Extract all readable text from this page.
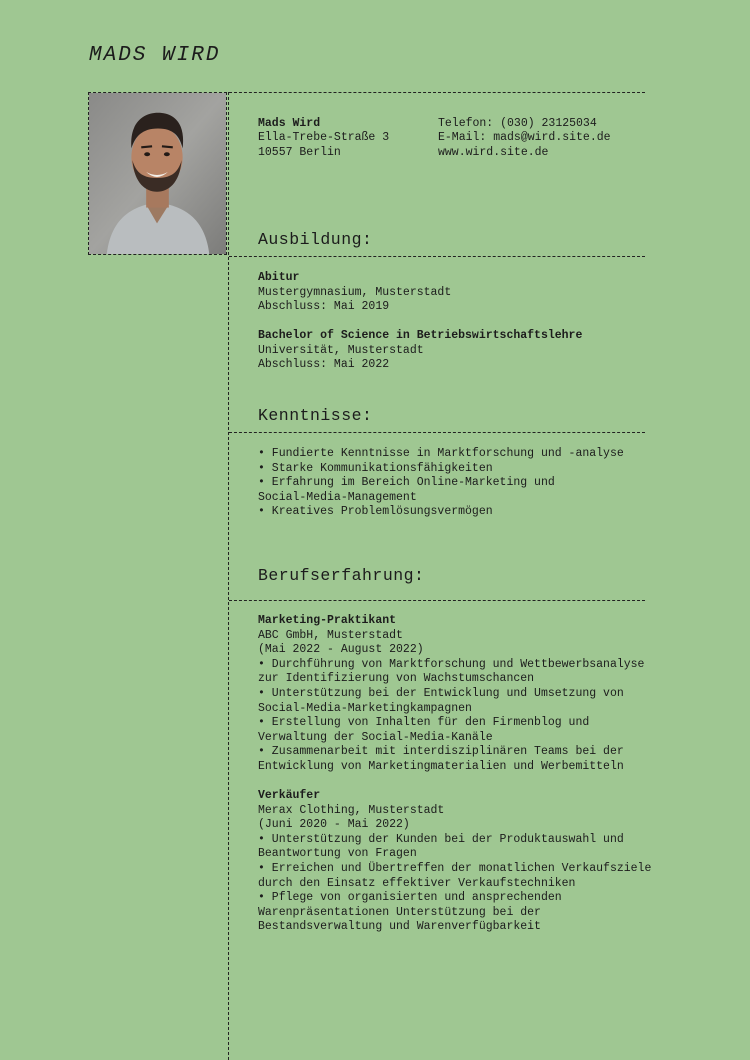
MADS WIRD
Mads Wird
Ella-Trebe-Straße 3
10557 Berlin
Telefon: (030) 23125034
E-Mail: mads@wird.site.de
www.wird.site.de
Ausbildung:
Abitur
Mustergymnasium, Musterstadt
Abschluss: Mai 2019
Bachelor of Science in Betriebswirtschaftslehre
Universität, Musterstadt
Abschluss: Mai 2022
Kenntnisse:
• Fundierte Kenntnisse in Marktforschung und -analyse
• Starke Kommunikationsfähigkeiten
• Erfahrung im Bereich Online-Marketing und
Social-Media-Management
• Kreatives Problemlösungsvermögen
Berufserfahrung:
Marketing-Praktikant
ABC GmbH, Musterstadt
(Mai 2022 - August 2022)
• Durchführung von Marktforschung und Wettbewerbsanalyse
zur Identifizierung von Wachstumschancen
• Unterstützung bei der Entwicklung und Umsetzung von
Social-Media-Marketingkampagnen
• Erstellung von Inhalten für den Firmenblog und
Verwaltung der Social-Media-Kanäle
• Zusammenarbeit mit interdisziplinären Teams bei der
Entwicklung von Marketingmaterialien und Werbemitteln
Verkäufer
Merax Clothing, Musterstadt
(Juni 2020 - Mai 2022)
• Unterstützung der Kunden bei der Produktauswahl und
Beantwortung von Fragen
• Erreichen und Übertreffen der monatlichen Verkaufsziele
durch den Einsatz effektiver Verkaufstechniken
• Pflege von organisierten und ansprechenden
Warenpräsentationen Unterstützung bei der
Bestandsverwaltung und Warenverfügbarkeit
